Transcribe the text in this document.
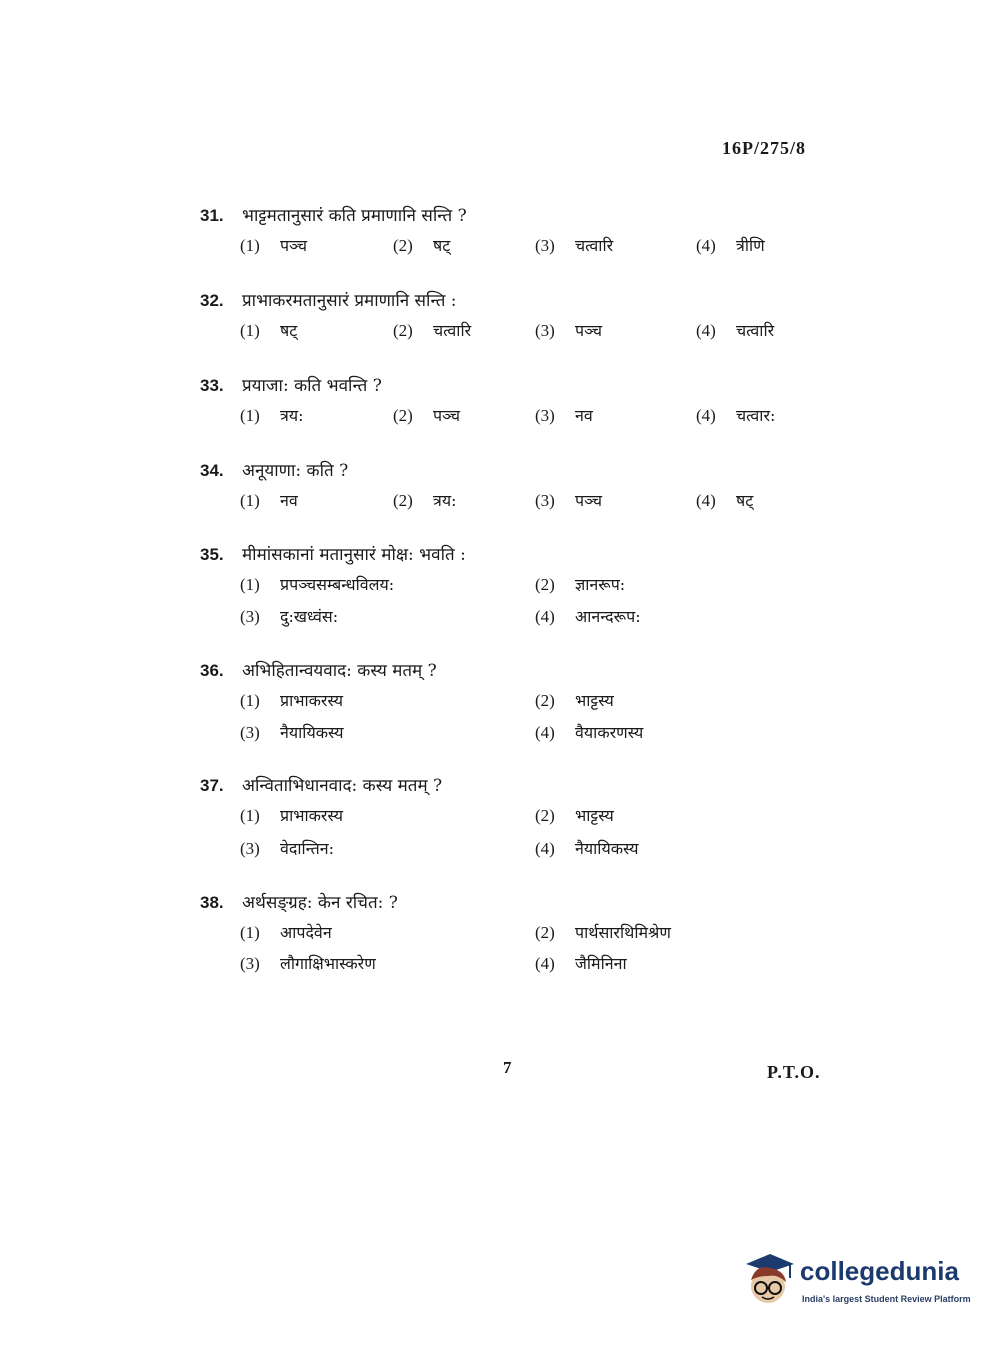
16P/275/8
31. भाट्टमतानुसारं कति प्रमाणानि सन्ति ?
(1) पञ्च	(2) षट्	(3) चत्वारि	(4) त्रीणि
32. प्राभाकरमतानुसारं प्रमाणानि सन्ति :
(1) षट्	(2) चत्वारि	(3) पञ्च	(4) चत्वारि
33. प्रयाजा: कति भवन्ति ?
(1) त्रय:	(2) पञ्च	(3) नव	(4) चत्वार:
34. अनूयाणा: कति ?
(1) नव	(2) त्रय:	(3) पञ्च	(4) षट्
35. मीमांसकानां मतानुसारं मोक्ष: भवति :
(1) प्रपञ्चसम्बन्धविलय:	(2) ज्ञानरूप:
(3) दु:खध्वंस:	(4) आनन्दरूप:
36. अभिहितान्वयवाद: कस्य मतम् ?
(1) प्राभाकरस्य	(2) भाट्टस्य
(3) नैयायिकस्य	(4) वैयाकरणस्य
37. अन्विताभिधानवाद: कस्य मतम् ?
(1) प्राभाकरस्य	(2) भाट्टस्य
(3) वेदान्तिन:	(4) नैयायिकस्य
38. अर्थसङ्ग्रह: केन रचित: ?
(1) आपदेवेन	(2) पार्थसारथिमिश्रेण
(3) लौगाक्षिभास्करेण	(4) जैमिनिना
7	P.T.O.
collegedunia
India's largest Student Review Platform
